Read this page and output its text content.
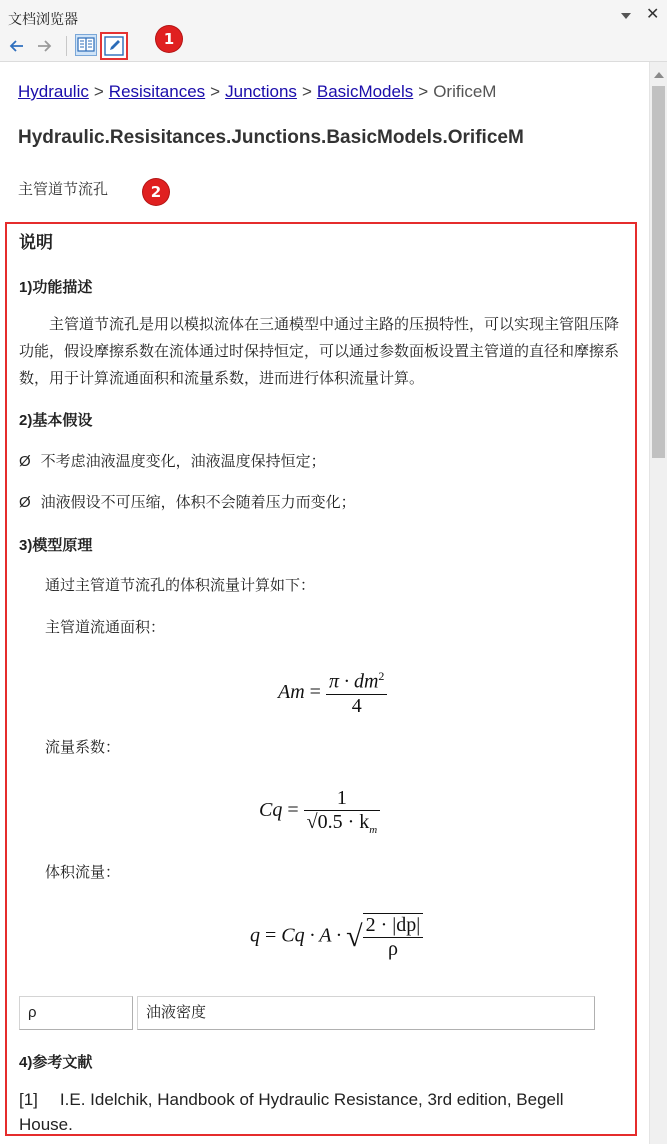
文档浏览器	✕
1
Hydraulic > Resisitances > Junctions > BasicModels > OrificeM
Hydraulic.Resisitances.Junctions.BasicModels.OrificeM
主管道节流孔	2
说明
1)功能描述
主管道节流孔是用以模拟流体在三通模型中通过主路的压损特性，可以实现主管阻压降功能，假设摩擦系数在流体通过时保持恒定，可以通过参数面板设置主管道的直径和摩擦系数，用于计算流通面积和流量系数，进而进行体积流量计算。
2)基本假设
Ø 不考虑油液温度变化，油液温度保持恒定；
Ø 油液假设不可压缩，体积不会随着压力而变化；
3)模型原理
通过主管道节流孔的体积流量计算如下：
主管道流通面积：
$Am = \frac{\pi \cdot dm^2}{4}$
流量系数：
$Cq = \frac{1}{√0.5 \cdot k_m}$
体积流量：
q = Cq · A · √ $\frac{2 \cdot |dp|}{\rho}$
ρ	油液密度
4)参考文献
[1] I.E. Idelchik, Handbook of Hydraulic Resistance, 3rd edition, Begell House.
